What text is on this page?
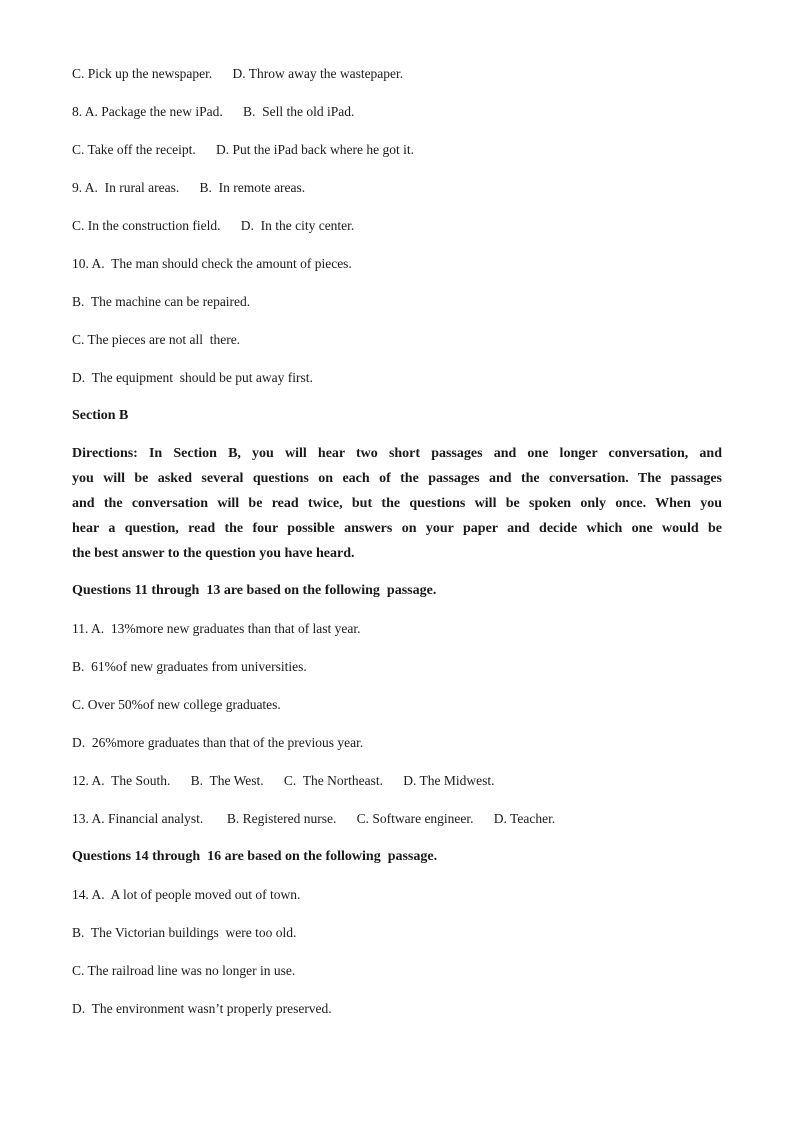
C. Pick up the newspaper.      D. Throw away the wastepaper.
8. A. Package the new iPad.      B.  Sell the old iPad.
C. Take off the receipt.      D. Put the iPad back where he got it.
9. A.  In rural areas.      B.  In remote areas.
C. In the construction field.      D.  In the city center.
10. A.  The man should check the amount of pieces.
B.  The machine can be repaired.
C. The pieces are not all  there.
D.  The equipment  should be put away first.
Section B
Directions: In Section B, you will hear two short passages and one longer conversation, and
you will be asked several questions on each of the passages and the conversation. The passages
and the conversation will be read twice, but the questions will be spoken only once. When you
hear a question, read the four possible answers on your paper and decide which one would be
the best answer to the question you have heard.
Questions 11 through  13 are based on the following  passage.
11. A.  13%more new graduates than that of last year.
B.  61%of new graduates from universities.
C. Over 50%of new college graduates.
D.  26%more graduates than that of the previous year.
12. A.  The South.      B.  The West.      C.  The Northeast.      D. The Midwest.
13. A. Financial analyst.       B. Registered nurse.      C. Software engineer.      D. Teacher.
Questions 14 through  16 are based on the following  passage.
14. A.  A lot of people moved out of town.
B.  The Victorian buildings  were too old.
C. The railroad line was no longer in use.
D.  The environment wasn’t properly preserved.
